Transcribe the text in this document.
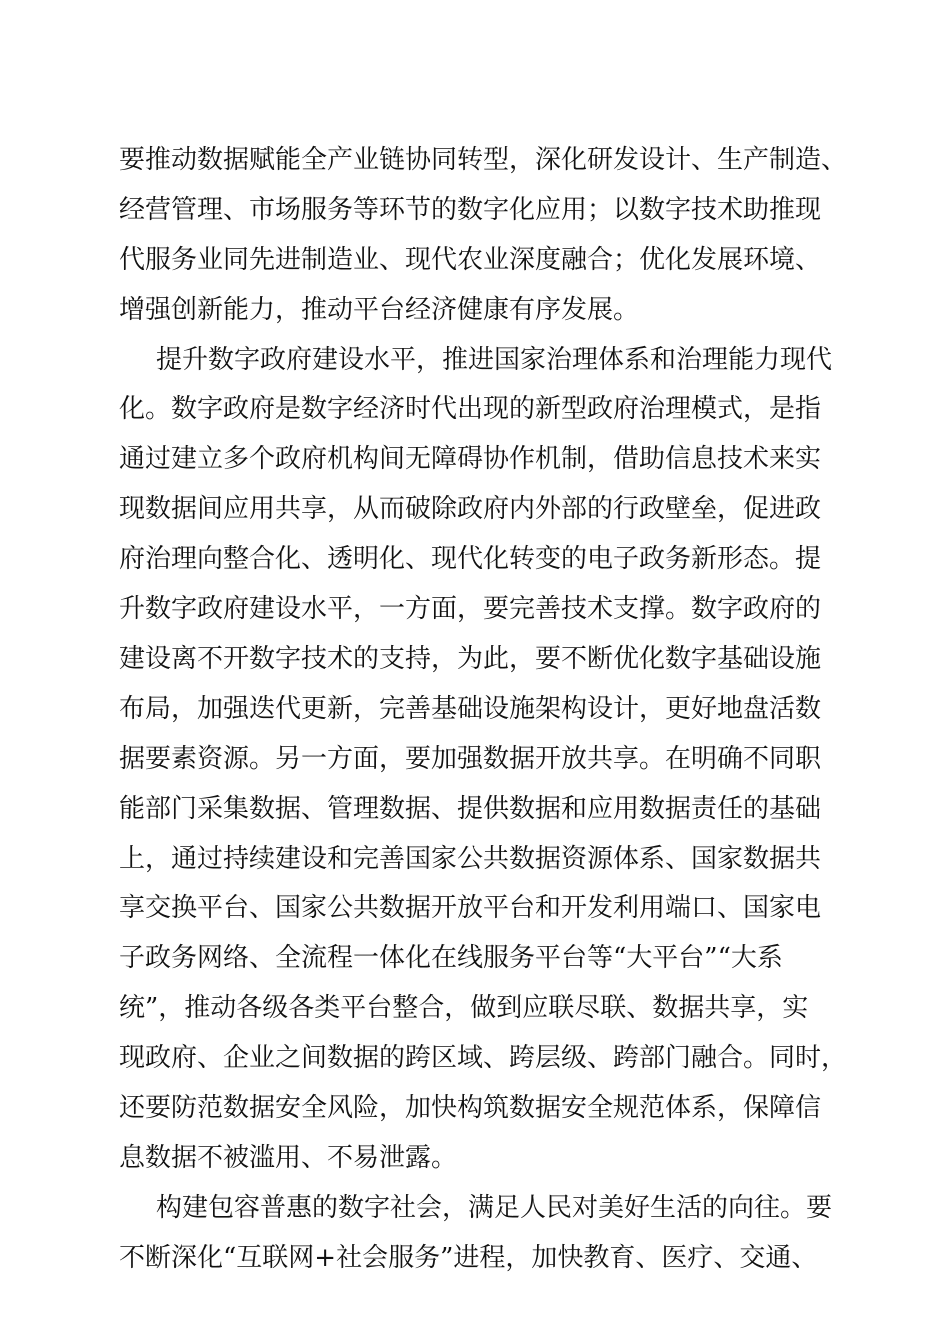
要推动数据赋能全产业链协同转型，深化研发设计、生产制造、
经营管理、市场服务等环节的数字化应用；以数字技术助推现
代服务业同先进制造业、现代农业深度融合；优化发展环境、
增强创新能力，推动平台经济健康有序发展。
提升数字政府建设水平，推进国家治理体系和治理能力现代
化。数字政府是数字经济时代出现的新型政府治理模式，是指
通过建立多个政府机构间无障碍协作机制，借助信息技术来实
现数据间应用共享，从而破除政府内外部的行政壁垒，促进政
府治理向整合化、透明化、现代化转变的电子政务新形态。提
升数字政府建设水平，一方面，要完善技术支撑。数字政府的
建设离不开数字技术的支持，为此，要不断优化数字基础设施
布局，加强迭代更新，完善基础设施架构设计，更好地盘活数
据要素资源。另一方面，要加强数据开放共享。在明确不同职
能部门采集数据、管理数据、提供数据和应用数据责任的基础
上，通过持续建设和完善国家公共数据资源体系、国家数据共
享交换平台、国家公共数据开放平台和开发利用端口、国家电
子政务网络、全流程一体化在线服务平台等“大平台”“大系
统”，推动各级各类平台整合，做到应联尽联、数据共享，实
现政府、企业之间数据的跨区域、跨层级、跨部门融合。同时，
还要防范数据安全风险，加快构筑数据安全规范体系，保障信
息数据不被滥用、不易泄露。
构建包容普惠的数字社会，满足人民对美好生活的向往。要
不断深化“互联网+社会服务”进程，加快教育、医疗、交通、
